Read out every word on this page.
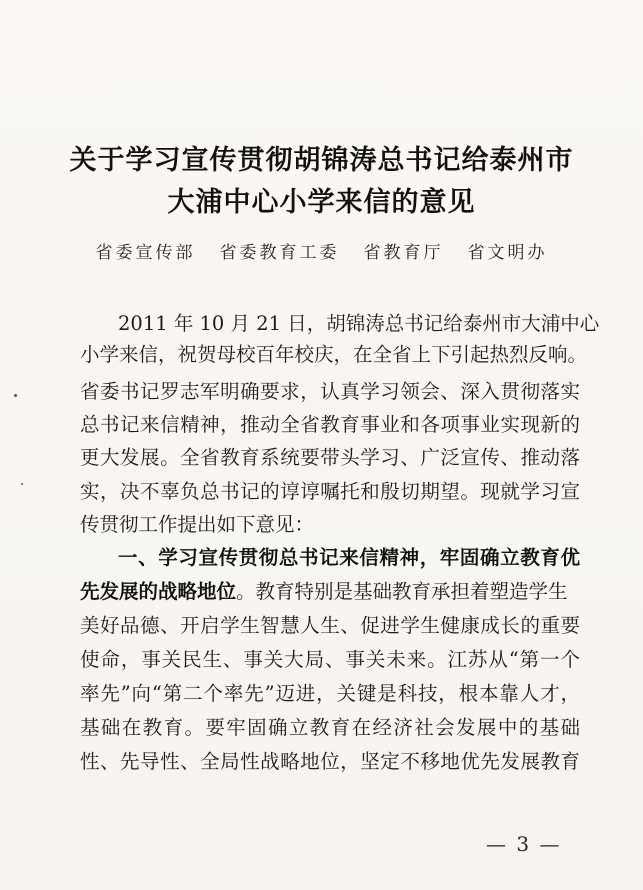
关于学习宣传贯彻胡锦涛总书记给泰州市
大浦中心小学来信的意见
省委宣传部 省委教育工委 省教育厅 省文明办
2011 年 10 月 21 日，胡锦涛总书记给泰州市大浦中心
小学来信，祝贺母校百年校庆，在全省上下引起热烈反响。
省委书记罗志军明确要求，认真学习领会、深入贯彻落实
总书记来信精神，推动全省教育事业和各项事业实现新的
更大发展。全省教育系统要带头学习、广泛宣传、推动落
实，决不辜负总书记的谆谆嘱托和殷切期望。现就学习宣
传贯彻工作提出如下意见：
一、学习宣传贯彻总书记来信精神，牢固确立教育优
先发展的战略地位。教育特别是基础教育承担着塑造学生
美好品德、开启学生智慧人生、促进学生健康成长的重要
使命，事关民生、事关大局、事关未来。江苏从“第一个
率先”向“第二个率先”迈进，关键是科技，根本靠人才，
基础在教育。要牢固确立教育在经济社会发展中的基础
性、先导性、全局性战略地位，坚定不移地优先发展教育
— 3 —
